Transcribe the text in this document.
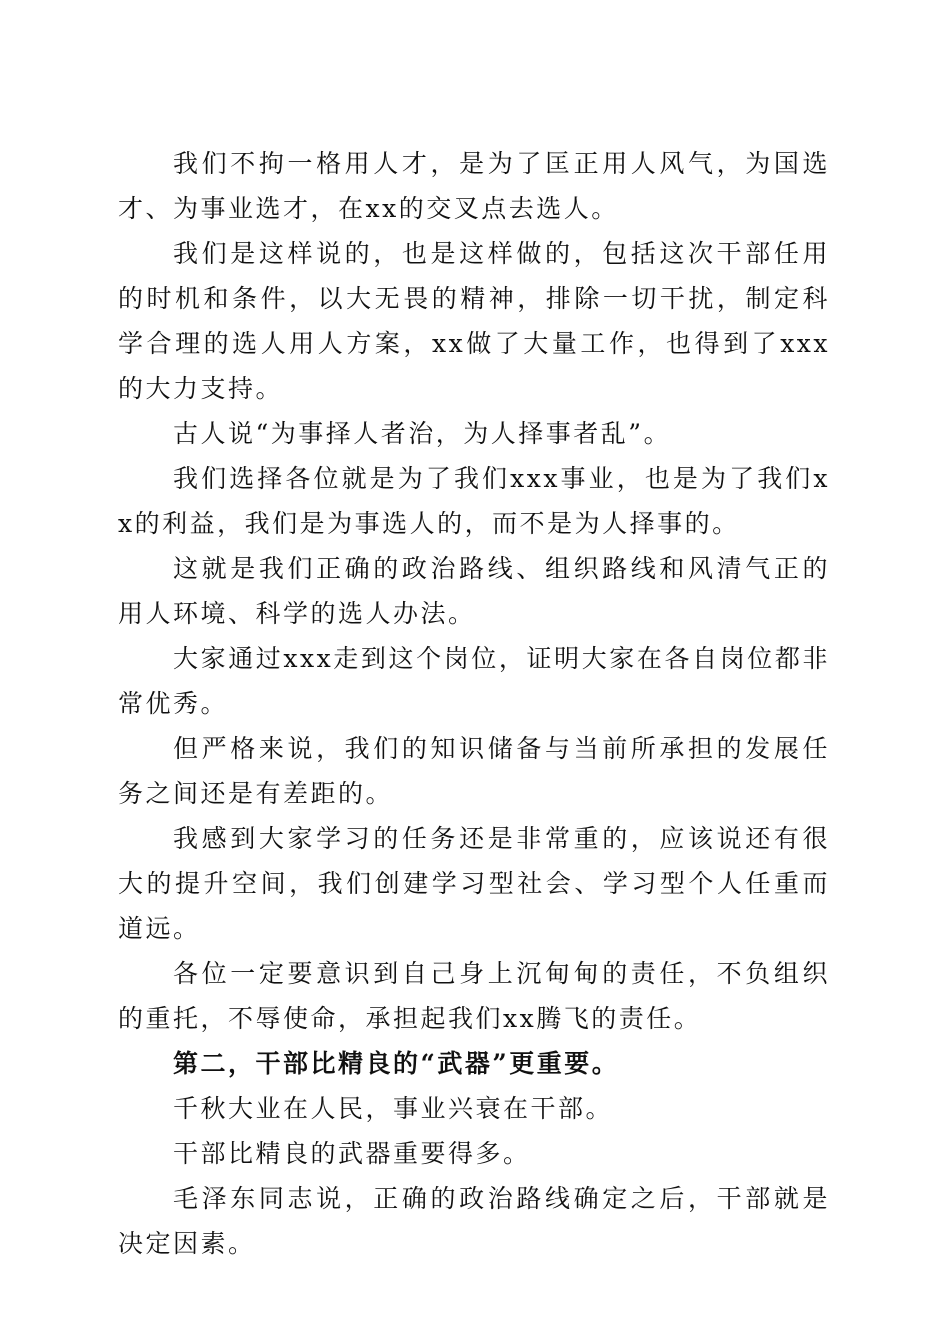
我们不拘一格用人才，是为了匡正用人风气，为国选才、为事业选才，在xx的交叉点去选人。

我们是这样说的，也是这样做的，包括这次干部任用的时机和条件，以大无畏的精神，排除一切干扰，制定科学合理的选人用人方案，xx做了大量工作，也得到了xxx的大力支持。

古人说“为事择人者治，为人择事者乱”。

我们选择各位就是为了我们xxx事业，也是为了我们xx的利益，我们是为事选人的，而不是为人择事的。

这就是我们正确的政治路线、组织路线和风清气正的用人环境、科学的选人办法。

大家通过xxx走到这个岗位，证明大家在各自岗位都非常优秀。

但严格来说，我们的知识储备与当前所承担的发展任务之间还是有差距的。

我感到大家学习的任务还是非常重的，应该说还有很大的提升空间，我们创建学习型社会、学习型个人任重而道远。

各位一定要意识到自己身上沉甸甸的责任，不负组织的重托，不辱使命，承担起我们xx腾飞的责任。

第二，干部比精良的“武器”更重要。

千秋大业在人民，事业兴衰在干部。

干部比精良的武器重要得多。

毛泽东同志说，正确的政治路线确定之后，干部就是决定因素。
